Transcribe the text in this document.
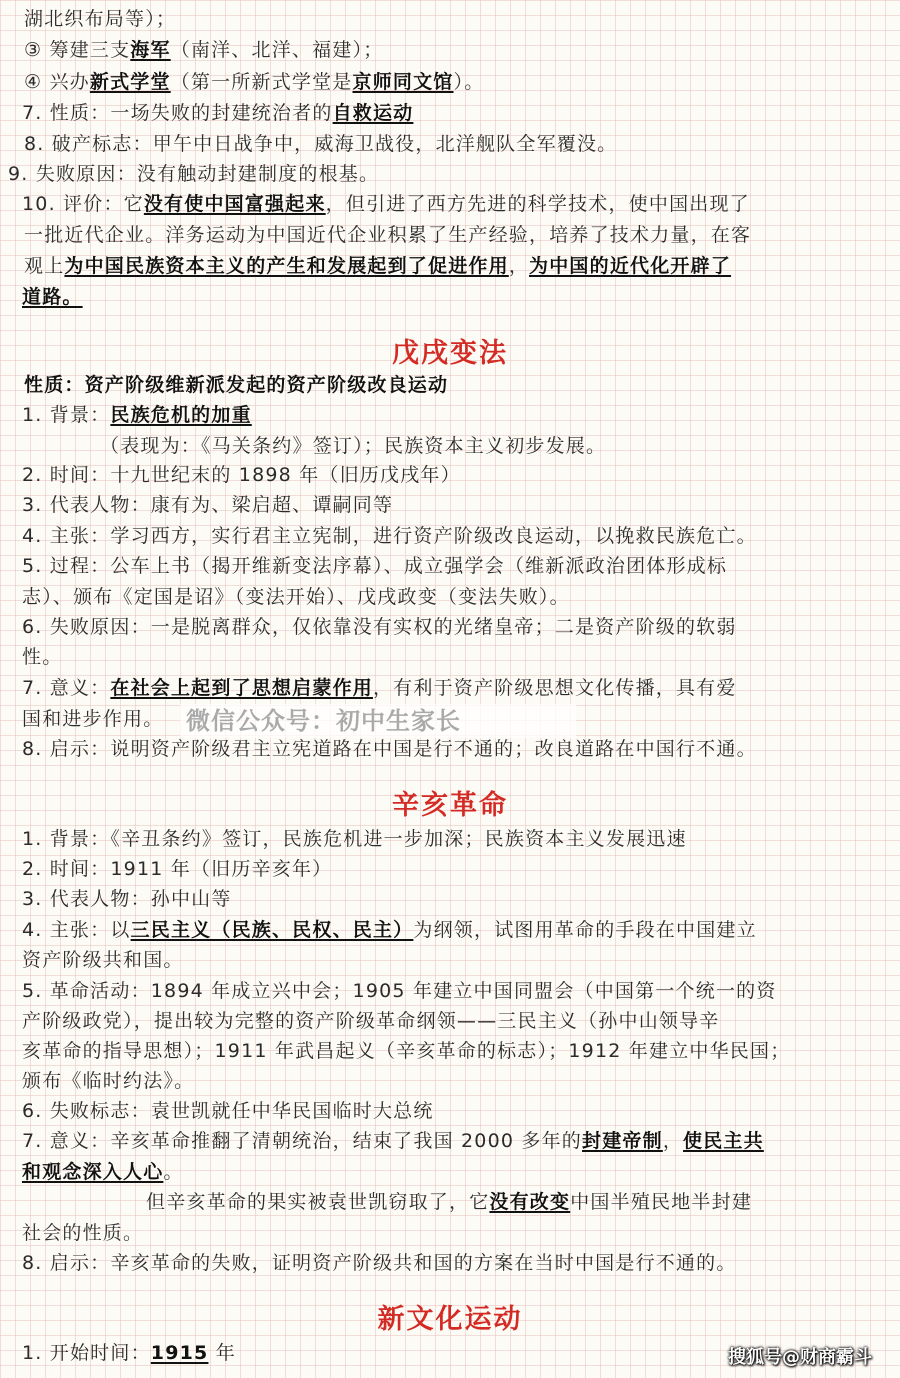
湖北织布局等）；

③ 筹建三支海军（南洋、北洋、福建）；

④ 兴办新式学堂（第一所新式学堂是京师同文馆）。

7. 性质：一场失败的封建统治者的自救运动

8. 破产标志：甲午中日战争中，威海卫战役，北洋舰队全军覆没。

9. 失败原因：没有触动封建制度的根基。

10. 评价：它没有使中国富强起来，但引进了西方先进的科学技术，使中国出现了

一批近代企业。洋务运动为中国近代企业积累了生产经验，培养了技术力量，在客

观上为中国民族资本主义的产生和发展起到了促进作用，为中国的近代化开辟了

道路。

戊戌变法

性质：资产阶级维新派发起的资产阶级改良运动

1. 背景：民族危机的加重

（表现为：《马关条约》签订）；民族资本主义初步发展。

2. 时间：十九世纪末的 1898 年（旧历戊戌年）

3. 代表人物：康有为、梁启超、谭嗣同等

4. 主张：学习西方，实行君主立宪制，进行资产阶级改良运动，以挽救民族危亡。

5. 过程：公车上书（揭开维新变法序幕）、成立强学会（维新派政治团体形成标

志）、颁布《定国是诏》（变法开始）、戊戌政变（变法失败）。

6. 失败原因：一是脱离群众，仅依靠没有实权的光绪皇帝；二是资产阶级的软弱

性。

7. 意义：在社会上起到了思想启蒙作用，有利于资产阶级思想文化传播，具有爱

国和进步作用。 微信公众号：初中生家长

8. 启示：说明资产阶级君主立宪道路在中国是行不通的；改良道路在中国行不通。

辛亥革命

1. 背景：《辛丑条约》签订，民族危机进一步加深；民族资本主义发展迅速

2. 时间：1911 年（旧历辛亥年）

3. 代表人物：孙中山等

4. 主张：以三民主义（民族、民权、民主）为纲领，试图用革命的手段在中国建立

资产阶级共和国。

5. 革命活动：1894 年成立兴中会；1905 年建立中国同盟会（中国第一个统一的资

产阶级政党），提出较为完整的资产阶级革命纲领——三民主义（孙中山领导辛

亥革命的指导思想）；1911 年武昌起义（辛亥革命的标志）；1912 年建立中华民国；

颁布《临时约法》。

6. 失败标志：袁世凯就任中华民国临时大总统

7. 意义：辛亥革命推翻了清朝统治，结束了我国 2000 多年的封建帝制，使民主共

和观念深入人心。

但辛亥革命的果实被袁世凯窃取了，它没有改变中国半殖民地半封建

社会的性质。

8. 启示：辛亥革命的失败，证明资产阶级共和国的方案在当时中国是行不通的。

新文化运动

1. 开始时间：1915 年	搜狐号@财商霸斗
